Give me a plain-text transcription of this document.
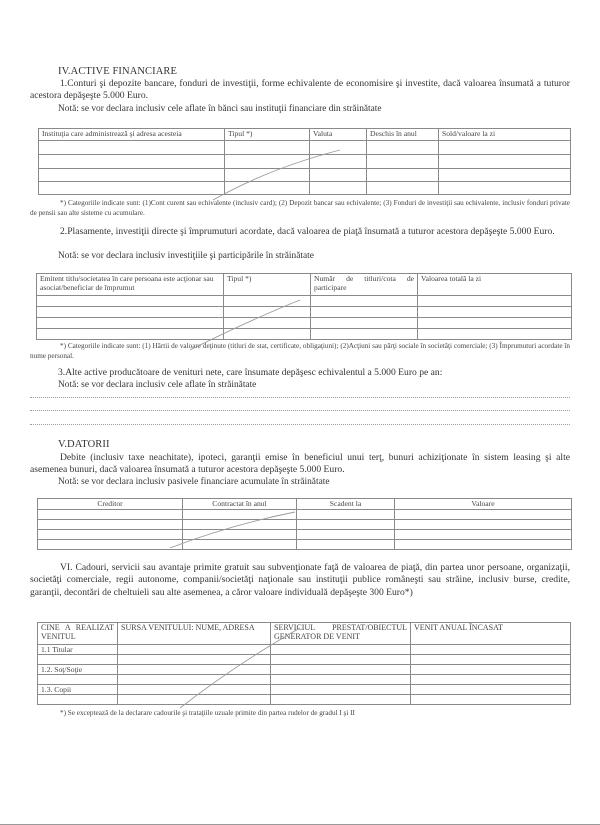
IV.ACTIVE FINANCIARE
1.Conturi şi depozite bancare, fonduri de investiţii, forme echivalente de economisire şi investite, dacă valoarea însumată a tuturor acestora depăşeşte 5.000 Euro.
Notă: se vor declara inclusiv cele aflate în bănci sau instituţii financiare din străinătate
Instituţia care administrează şi adresa acesteia	Tipul *)	Valuta	Deschis în anul	Sold/valoare la zi

*) Categoriile indicate sunt: (1)Cont curent sau echivalente (inclusiv card); (2) Depozit bancar sau echivalente; (3) Fonduri de investiţii sau echivalente, inclusiv fonduri private de pensii sau alte sisteme cu acumulare.
2.Plasamente, investiţii directe şi împrumuturi acordate, dacă valoarea de piaţă însumată a tuturor acestora depăşeşte 5.000 Euro.
Notă: se vor declara inclusiv investiţiile şi participările în străinătate
Emitent titlu/societatea în care persoana este acţionar sau asociat/beneficiar de împrumut	Tipul *)	Număr de titluri/cota de participare	Valoarea totală la zi

*) Categoriile indicate sunt: (1) Hârtii de valoare deţinute (titluri de stat, certificate, obligaţiuni); (2)Acţiuni sau părţi sociale în societăţi comerciale; (3) Împrumuturi acordate în nume personal.
3.Alte active producătoare de venituri nete, care însumate depăşesc echivalentul a 5.000 Euro pe an:
Notă: se vor declara inclusiv cele aflate în străinătate
V.DATORII
Debite (inclusiv taxe neachitate), ipoteci, garanţii emise în beneficiul unui terţ, bunuri achiziţionate în sistem leasing şi alte asemenea bunuri, dacă valoarea însumată a tuturor acestora depăşeşte 5.000 Euro.
Notă: se vor declara inclusiv pasivele financiare acumulate în străinătate
Creditor	Contractat în anul	Scadent la	Valoare

VI. Cadouri, servicii sau avantaje primite gratuit sau subvenţionate faţă de valoarea de piaţă, din partea unor persoane, organizaţii, societăţi comerciale, regii autonome, companii/societăţi naţionale sau instituţii publice româneşti sau străine, inclusiv burse, credite, garanţii, decontări de cheltuieli sau alte asemenea, a căror valoare individuală depăşeşte 300 Euro*)
CINE A REALIZAT VENITUL	SURSA VENITULUI: NUME, ADRESA	SERVICIUL PRESTAT/OBIECTUL GENERATOR DE VENIT	VENIT ANUAL ÎNCASAT
1.1 Titular			

1.2. Soţ/Soţie			

1.3. Copii			

*) Se exceptează de la declarare cadourile şi trataţiile uzuale primite din partea rudelor de gradul I şi II
